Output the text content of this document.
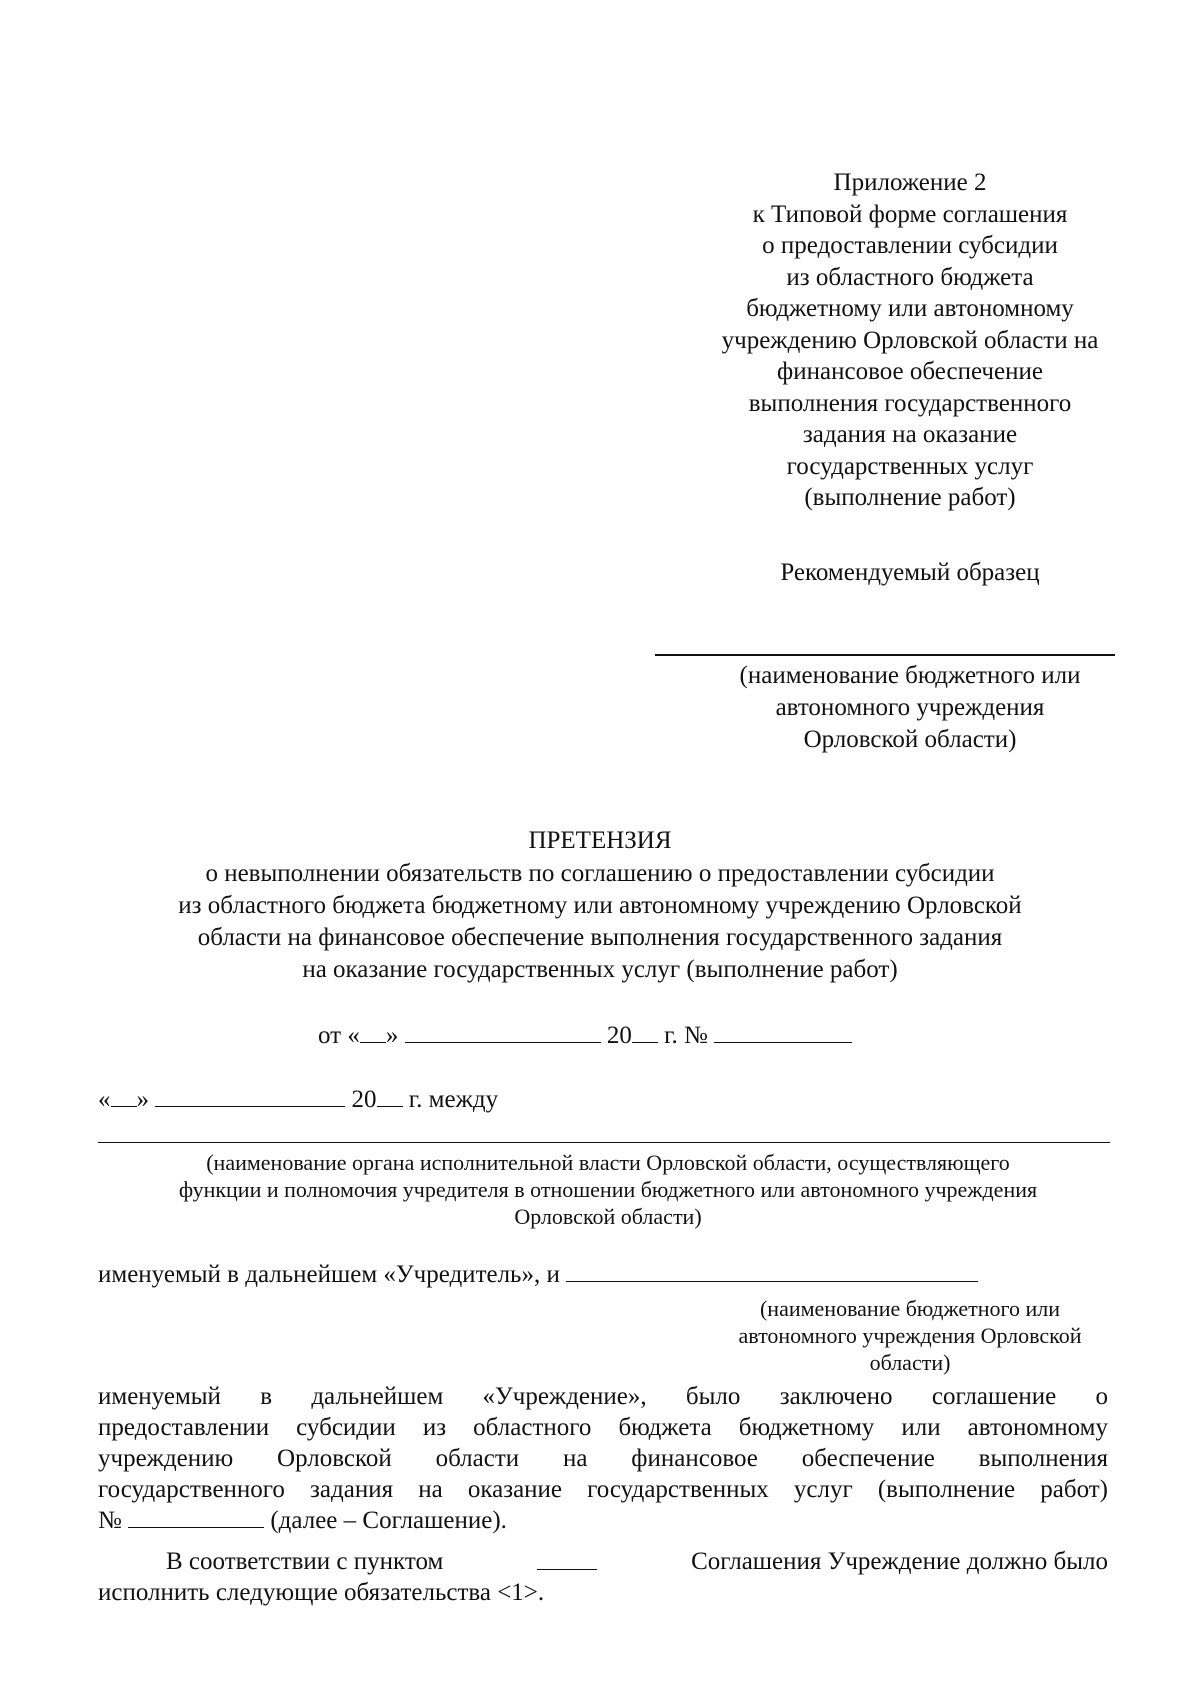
Приложение 2
к Типовой форме соглашения
о предоставлении субсидии
из областного бюджета
бюджетному или автономному
учреждению Орловской области на
финансовое обеспечение
выполнения государственного
задания на оказание
государственных услуг
(выполнение работ)
Рекомендуемый образец
(наименование бюджетного или
автономного учреждения
Орловской области)
ПРЕТЕНЗИЯ
о невыполнении обязательств по соглашению о предоставлении субсидии
из областного бюджета бюджетному или автономному учреждению Орловской
области на финансовое обеспечение выполнения государственного задания
на оказание государственных услуг (выполнение работ)
от « »	20 г. №
« »	20 г. между
(наименование органа исполнительной власти Орловской области, осуществляющего
функции и полномочия учредителя в отношении бюджетного или автономного учреждения
Орловской области)
именуемый в дальнейшем «Учредитель», и
(наименование бюджетного или
автономного учреждения Орловской
области)
именуемый в дальнейшем «Учреждение», было заключено соглашение о
предоставлении субсидии из областного бюджета бюджетному или автономному
учреждению Орловской области на финансовое обеспечение выполнения
государственного задания на оказание государственных услуг (выполнение работ)
№	(далее – Соглашение).
В соответствии с пунктом	Соглашения Учреждение должно было
исполнить следующие обязательства <1>.
